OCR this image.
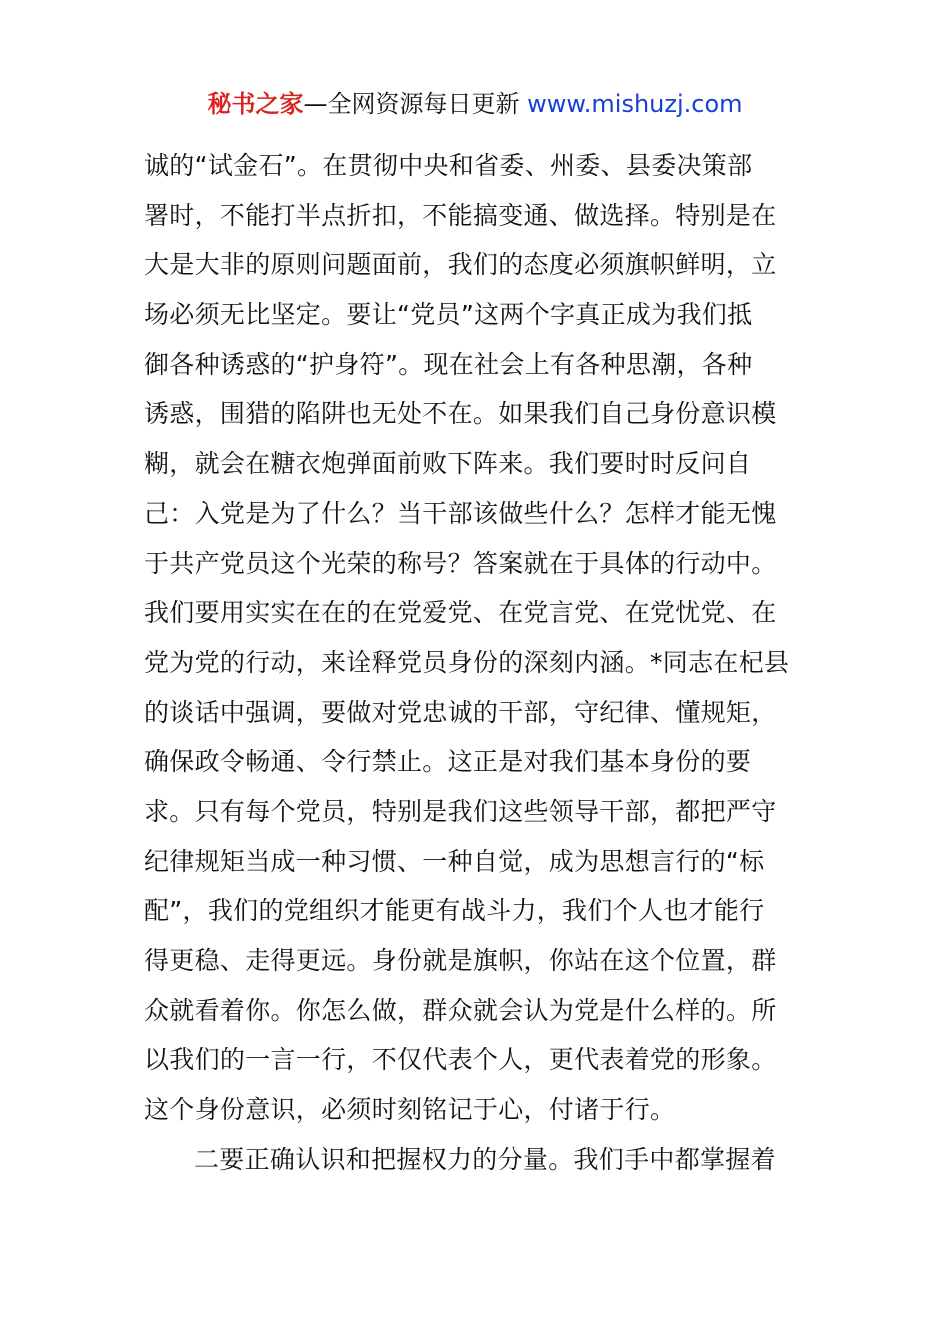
秘书之家—全网资源每日更新 www.mishuzj.com
诚的“试金石”。在贯彻中央和省委、州委、县委决策部
署时，不能打半点折扣，不能搞变通、做选择。特别是在
大是大非的原则问题面前，我们的态度必须旗帜鲜明，立
场必须无比坚定。要让“党员”这两个字真正成为我们抵
御各种诱惑的“护身符”。现在社会上有各种思潮，各种
诱惑，围猎的陷阱也无处不在。如果我们自己身份意识模
糊，就会在糖衣炮弹面前败下阵来。我们要时时反问自
己：入党是为了什么？当干部该做些什么？怎样才能无愧
于共产党员这个光荣的称号？答案就在于具体的行动中。
我们要用实实在在的在党爱党、在党言党、在党忧党、在
党为党的行动，来诠释党员身份的深刻内涵。*同志在杞县
的谈话中强调，要做对党忠诚的干部，守纪律、懂规矩，
确保政令畅通、令行禁止。这正是对我们基本身份的要
求。只有每个党员，特别是我们这些领导干部，都把严守
纪律规矩当成一种习惯、一种自觉，成为思想言行的“标
配”，我们的党组织才能更有战斗力，我们个人也才能行
得更稳、走得更远。身份就是旗帜，你站在这个位置，群
众就看着你。你怎么做，群众就会认为党是什么样的。所
以我们的一言一行，不仅代表个人，更代表着党的形象。
这个身份意识，必须时刻铭记于心，付诸于行。
二要正确认识和把握权力的分量。我们手中都掌握着
